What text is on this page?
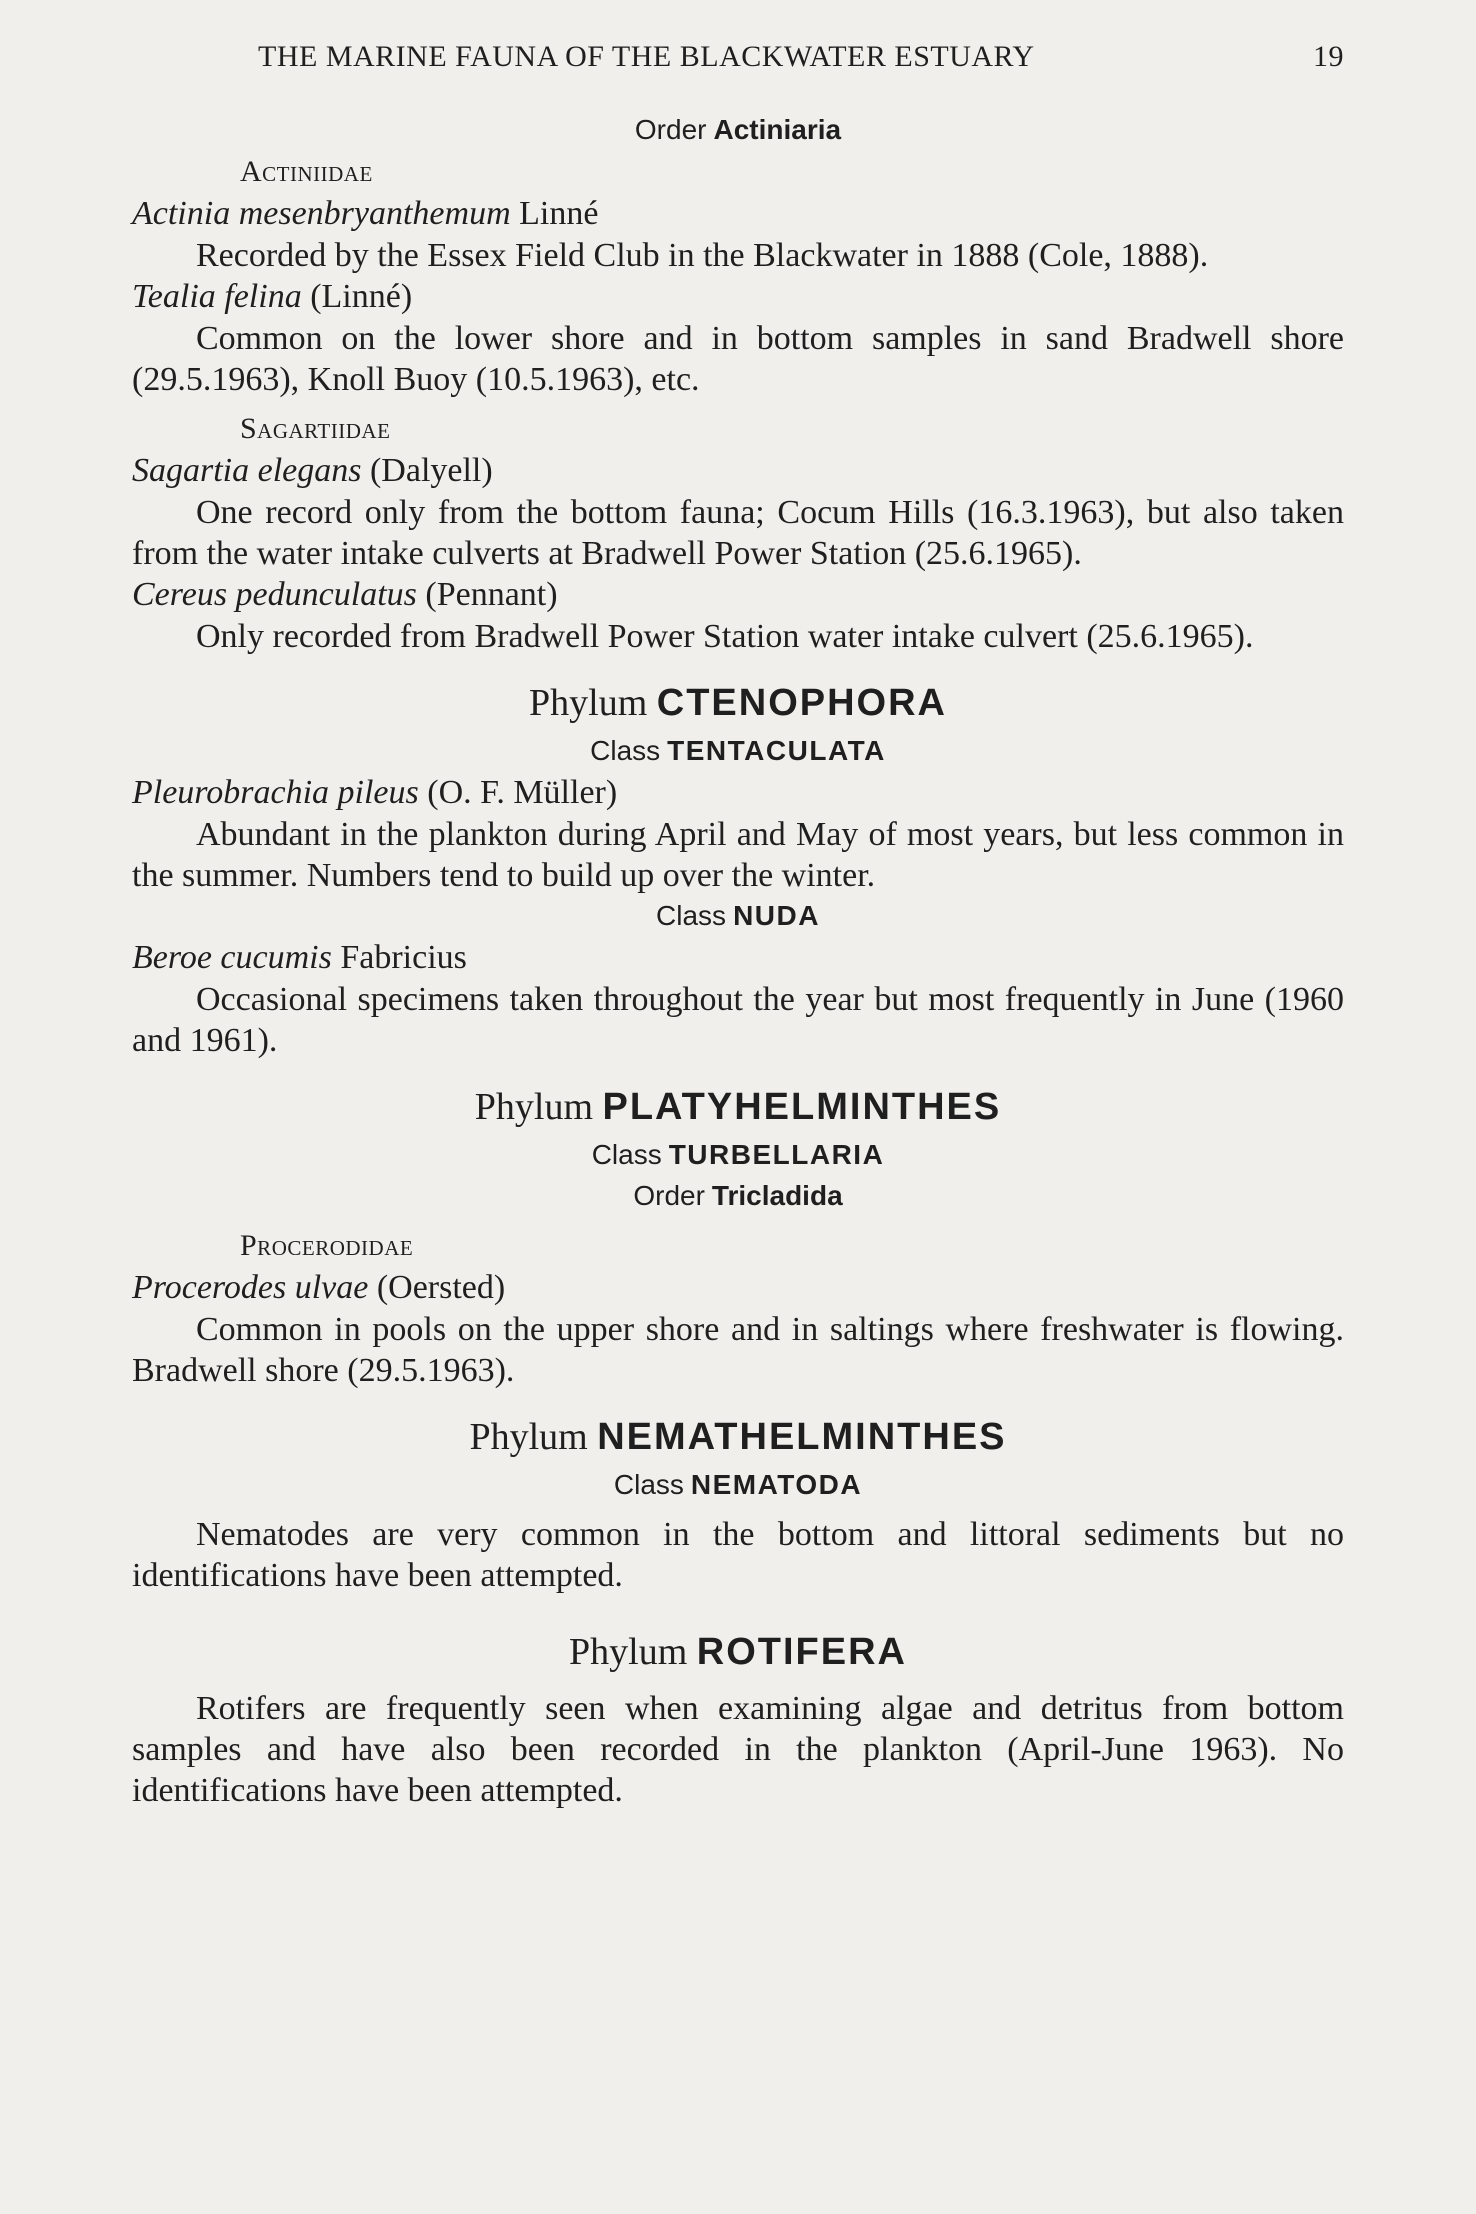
THE MARINE FAUNA OF THE BLACKWATER ESTUARY	19
Order Actiniaria
Actiniidae
Actinia mesenbryanthemum Linné
Recorded by the Essex Field Club in the Blackwater in 1888 (Cole, 1888).
Tealia felina (Linné)
Common on the lower shore and in bottom samples in sand Bradwell shore (29.5.1963), Knoll Buoy (10.5.1963), etc.
Sagartiidae
Sagartia elegans (Dalyell)
One record only from the bottom fauna; Cocum Hills (16.3.1963), but also taken from the water intake culverts at Bradwell Power Station (25.6.1965).
Cereus pedunculatus (Pennant)
Only recorded from Bradwell Power Station water intake culvert (25.6.1965).
Phylum CTENOPHORA
Class TENTACULATA
Pleurobrachia pileus (O. F. Müller)
Abundant in the plankton during April and May of most years, but less common in the summer. Numbers tend to build up over the winter.
Class NUDA
Beroe cucumis Fabricius
Occasional specimens taken throughout the year but most frequently in June (1960 and 1961).
Phylum PLATYHELMINTHES
Class TURBELLARIA
Order Tricladida
Procerodidae
Procerodes ulvae (Oersted)
Common in pools on the upper shore and in saltings where freshwater is flowing. Bradwell shore (29.5.1963).
Phylum NEMATHELMINTHES
Class NEMATODA
Nematodes are very common in the bottom and littoral sediments but no identifications have been attempted.
Phylum ROTIFERA
Rotifers are frequently seen when examining algae and detritus from bottom samples and have also been recorded in the plankton (April-June 1963). No identifications have been attempted.
